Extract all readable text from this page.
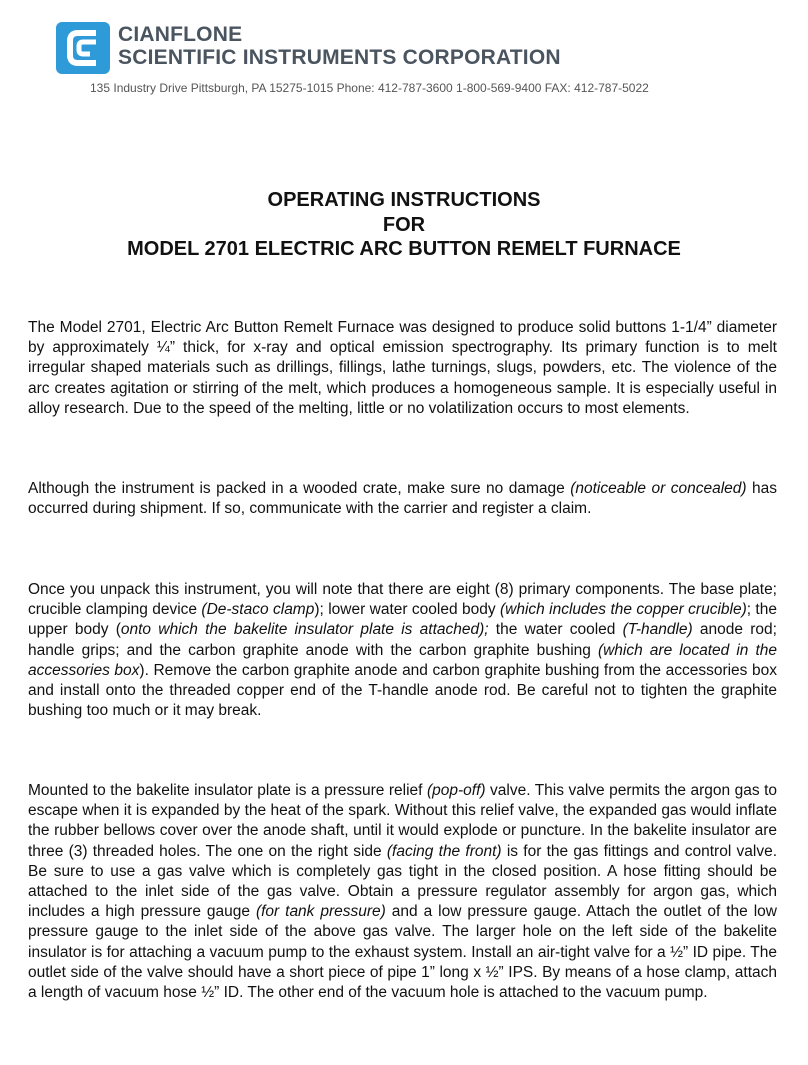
CIANFLONE
SCIENTIFIC INSTRUMENTS CORPORATION
135 Industry Drive Pittsburgh, PA 15275-1015 Phone: 412-787-3600 1-800-569-9400 FAX: 412-787-5022
OPERATING INSTRUCTIONS
FOR
MODEL 2701 ELECTRIC ARC BUTTON REMELT FURNACE

The Model 2701, Electric Arc Button Remelt Furnace was designed to produce solid buttons 1-1/4” diameter by approximately ¼” thick, for x-ray and optical emission spectrography. Its primary function is to melt irregular shaped materials such as drillings, fillings, lathe turnings, slugs, powders, etc. The violence of the arc creates agitation or stirring of the melt, which produces a homogeneous sample. It is especially useful in alloy research. Due to the speed of the melting, little or no volatilization occurs to most elements.

Although the instrument is packed in a wooded crate, make sure no damage (noticeable or concealed) has occurred during shipment. If so, communicate with the carrier and register a claim.

Once you unpack this instrument, you will note that there are eight (8) primary components. The base plate; crucible clamping device (De-staco clamp); lower water cooled body (which includes the copper crucible); the upper body (onto which the bakelite insulator plate is attached); the water cooled (T-handle) anode rod; handle grips; and the carbon graphite anode with the carbon graphite bushing (which are located in the accessories box). Remove the carbon graphite anode and carbon graphite bushing from the accessories box and install onto the threaded copper end of the T-handle anode rod. Be careful not to tighten the graphite bushing too much or it may break.

Mounted to the bakelite insulator plate is a pressure relief (pop-off) valve. This valve permits the argon gas to escape when it is expanded by the heat of the spark. Without this relief valve, the expanded gas would inflate the rubber bellows cover over the anode shaft, until it would explode or puncture. In the bakelite insulator are three (3) threaded holes. The one on the right side (facing the front) is for the gas fittings and control valve. Be sure to use a gas valve which is completely gas tight in the closed position. A hose fitting should be attached to the inlet side of the gas valve. Obtain a pressure regulator assembly for argon gas, which includes a high pressure gauge (for tank pressure) and a low pressure gauge. Attach the outlet of the low pressure gauge to the inlet side of the above gas valve. The larger hole on the left side of the bakelite insulator is for attaching a vacuum pump to the exhaust system. Install an air-tight valve for a ½” ID pipe. The outlet side of the valve should have a short piece of pipe 1” long x ½” IPS. By means of a hose clamp, attach a length of vacuum hose ½” ID. The other end of the vacuum hole is attached to the vacuum pump.
